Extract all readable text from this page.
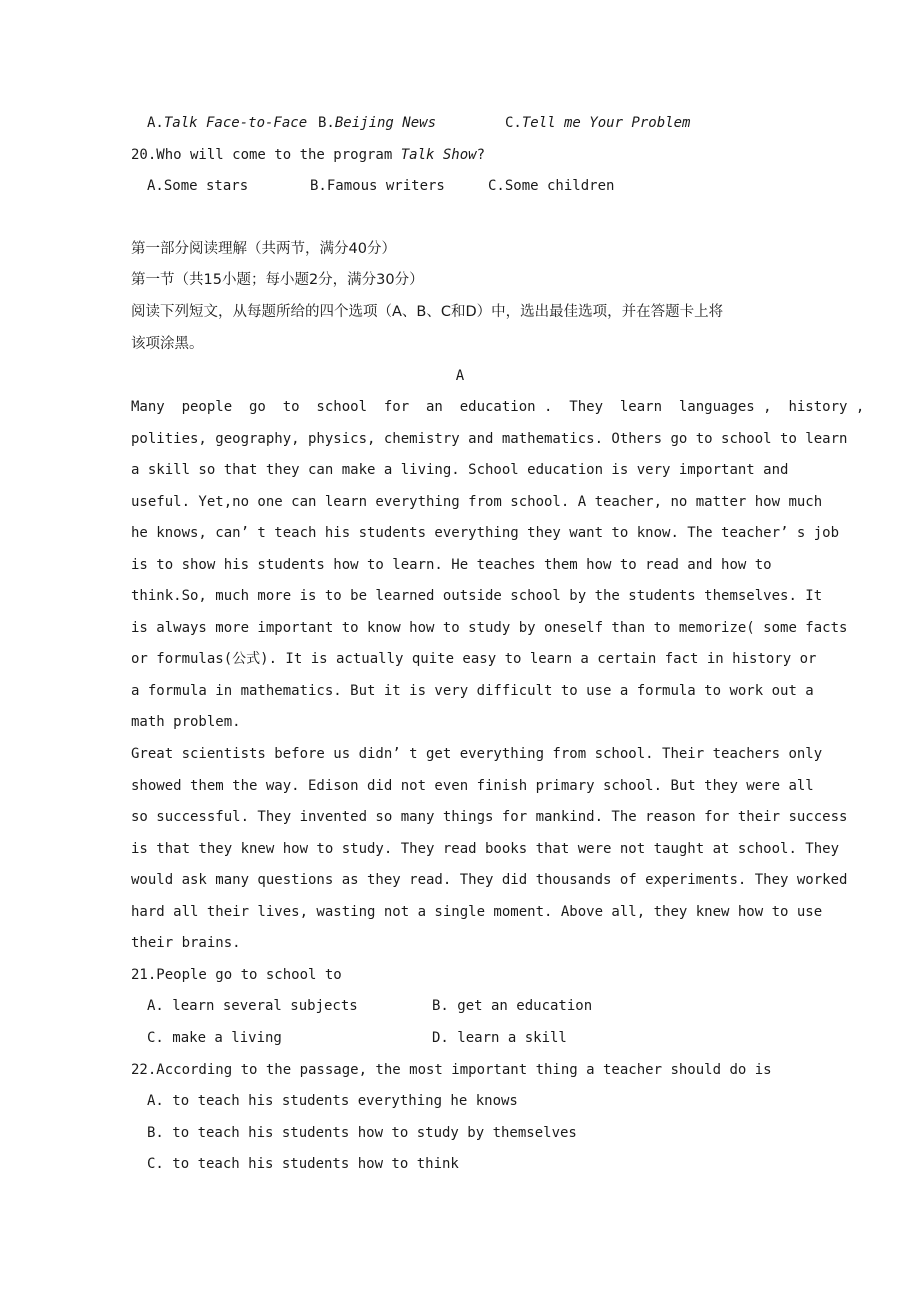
A.Talk Face-to-Face B.Beijing News	C.Tell me Your Problem
20.Who will come to the program Talk Show?
A.Some stars	B.Famous writers	C.Some children
第一部分阅读理解（共两节，满分40分）
第一节（共15小题；每小题2分，满分30分）
阅读下列短文，从每题所给的四个选项（A、B、C和D）中，选出最佳选项，并在答题卡上将
该项涂黑。
A
Many  people  go  to  school  for  an  education .  They  learn  languages ,  history ,
polities, geography, physics, chemistry and mathematics. Others go to school to learn
a skill so that they can make a living. School education is very important and
useful. Yet,no one can learn everything from school. A teacher, no matter how much
he knows, can’ t teach his students everything they want to know. The teacher’ s job
is to show his students how to learn. He teaches them how to read and how to
think.So, much more is to be learned outside school by the students themselves. It
is always more important to know how to study by oneself than to memorize( some facts
or formulas(公式). It is actually quite easy to learn a certain fact in history or
a formula in mathematics. But it is very difficult to use a formula to work out a
math problem.
Great scientists before us didn’ t get everything from school. Their teachers only
showed them the way. Edison did not even finish primary school. But they were all
so successful. They invented so many things for mankind. The reason for their success
is that they knew how to study. They read books that were not taught at school. They
would ask many questions as they read. They did thousands of experiments. They worked
hard all their lives, wasting not a single moment. Above all, they knew how to use
their brains.
21.People go to school to
A. learn several subjects	B. get an education
C. make a living	D. learn a skill
22.According to the passage, the most important thing a teacher should do is
A. to teach his students everything he knows
B. to teach his students how to study by themselves
C. to teach his students how to think
